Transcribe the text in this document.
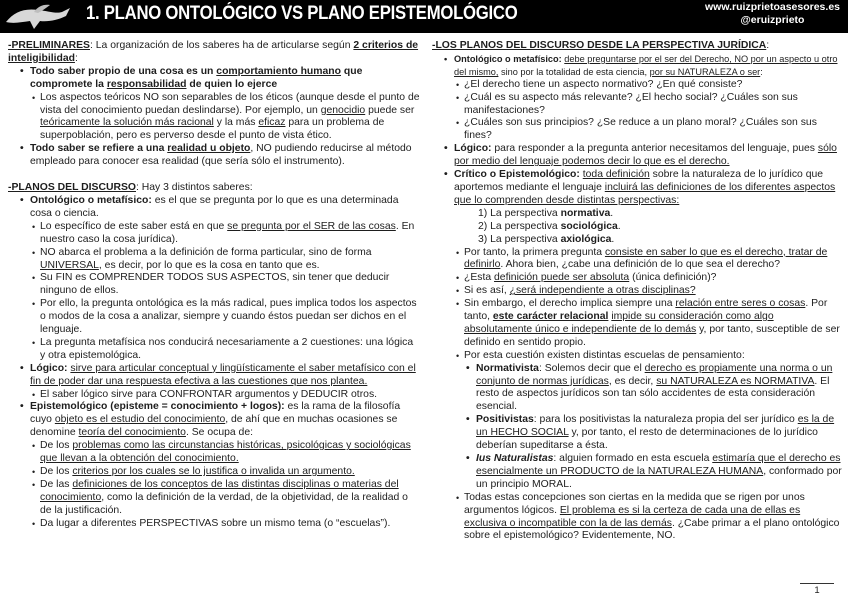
1. PLANO ONTOLÓGICO VS PLANO EPISTEMOLÓGICO	www.ruizprietoasesores.es
@eruizprieto

-PRELIMINARES: La organización de los saberes ha de articularse según 2 criterios de inteligibilidad:

• Todo saber propio de una cosa es un comportamiento humano que compromete la responsabilidad de quien lo ejerce

• Los aspectos teóricos NO son separables de los éticos (aunque desde el punto de vista del conocimiento puedan deslindarse). Por ejemplo, un genocidio puede ser teóricamente la solución más racional y la más eficaz para un problema de superpoblación, pero es perverso desde el punto de vista ético.

• Todo saber se refiere a una realidad u objeto, NO pudiendo reducirse al método empleado para conocer esa realidad (que sería sólo el instrumento).

-PLANOS DEL DISCURSO: Hay 3 distintos saberes:

• Ontológico o metafísico: es el que se pregunta por lo que es una determinada cosa o ciencia.

• Lo específico de este saber está en que se pregunta por el SER de las cosas. En nuestro caso la cosa jurídica).

• NO abarca el problema a la definición de forma particular, sino de forma UNIVERSAL, es decir, por lo que es la cosa en tanto que es.

• Su FIN es COMPRENDER TODOS SUS ASPECTOS, sin tener que deducir ninguno de ellos.

• Por ello, la pregunta ontológica es la más radical, pues implica todos los aspectos o modos de la cosa a analizar, siempre y cuando éstos puedan ser dichos en el lenguaje.

• La pregunta metafísica nos conducirá necesariamente a 2 cuestiones: una lógica y otra epistemológica.

• Lógico: sirve para articular conceptual y lingüísticamente el saber metafísico con el fin de poder dar una respuesta efectiva a las cuestiones que nos plantea.

• El saber lógico sirve para CONFRONTAR argumentos y DEDUCIR otros.

• Epistemológico (episteme = conocimiento + logos): es la rama de la filosofía cuyo objeto es el estudio del conocimiento, de ahí que en muchas ocasiones se denomine teoría del conocimiento. Se ocupa de:

• De los problemas como las circunstancias históricas, psicológicas y sociológicas que llevan a la obtención del conocimiento.

• De los criterios por los cuales se lo justifica o invalida un argumento.

• De las definiciones de los conceptos de las distintas disciplinas o materias del conocimiento, como la definición de la verdad, de la objetividad, de la realidad o de la justificación.

• Da lugar a diferentes PERSPECTIVAS sobre un mismo tema (o “escuelas”).

-LOS PLANOS DEL DISCURSO DESDE LA PERSPECTIVA JURÍDICA:

• Ontológico o metafísico: debe preguntarse por el ser del Derecho, NO por un aspecto u otro del mismo, sino por la totalidad de esta ciencia, por su NATURALEZA o ser:

• ¿El derecho tiene un aspecto normativo? ¿En qué consiste?

• ¿Cuál es su aspecto más relevante? ¿El hecho social? ¿Cuáles son sus manifestaciones?

• ¿Cuáles son sus principios? ¿Se reduce a un plano moral? ¿Cuáles son sus fines?

• Lógico: para responder a la pregunta anterior necesitamos del lenguaje, pues sólo por medio del lenguaje podemos decir lo que es el derecho.

• Crítico o Epistemológico: toda definición sobre la naturaleza de lo jurídico que aportemos mediante el lenguaje incluirá las definiciones de los diferentes aspectos que lo comprenden desde distintas perspectivas:

1) La perspectiva normativa.

2) La perspectiva sociológica.

3) La perspectiva axiológica.

• Por tanto, la primera pregunta consiste en saber lo que es el derecho, tratar de definirlo. Ahora bien, ¿cabe una definición de lo que sea el derecho?

• ¿Esta definición puede ser absoluta (única definición)?

• Si es así, ¿será independiente a otras disciplinas?

• Sin embargo, el derecho implica siempre una relación entre seres o cosas. Por tanto, este carácter relacional impide su consideración como algo absolutamente único e independiente de lo demás y, por tanto, susceptible de ser definido en sentido propio.

• Por esta cuestión existen distintas escuelas de pensamiento:

• Normativista: Solemos decir que el derecho es propiamente una norma o un conjunto de normas jurídicas, es decir, su NATURALEZA es NORMATIVA. El resto de aspectos jurídicos son tan sólo accidentes de esta consideración esencial.

• Positivistas: para los positivistas la naturaleza propia del ser jurídico es la de un HECHO SOCIAL y, por tanto, el resto de determinaciones de lo jurídico deberían supeditarse a ésta.

• Ius Naturalistas: alguien formado en esta escuela estimaría que el derecho es esencialmente un PRODUCTO de la NATURALEZA HUMANA, conformado por un principio MORAL.

• Todas estas concepciones son ciertas en la medida que se rigen por unos argumentos lógicos. El problema es si la certeza de cada una de ellas es exclusiva o incompatible con la de las demás. ¿Cabe primar a el plano ontológico sobre el epistemológico? Evidentemente, NO.

1
